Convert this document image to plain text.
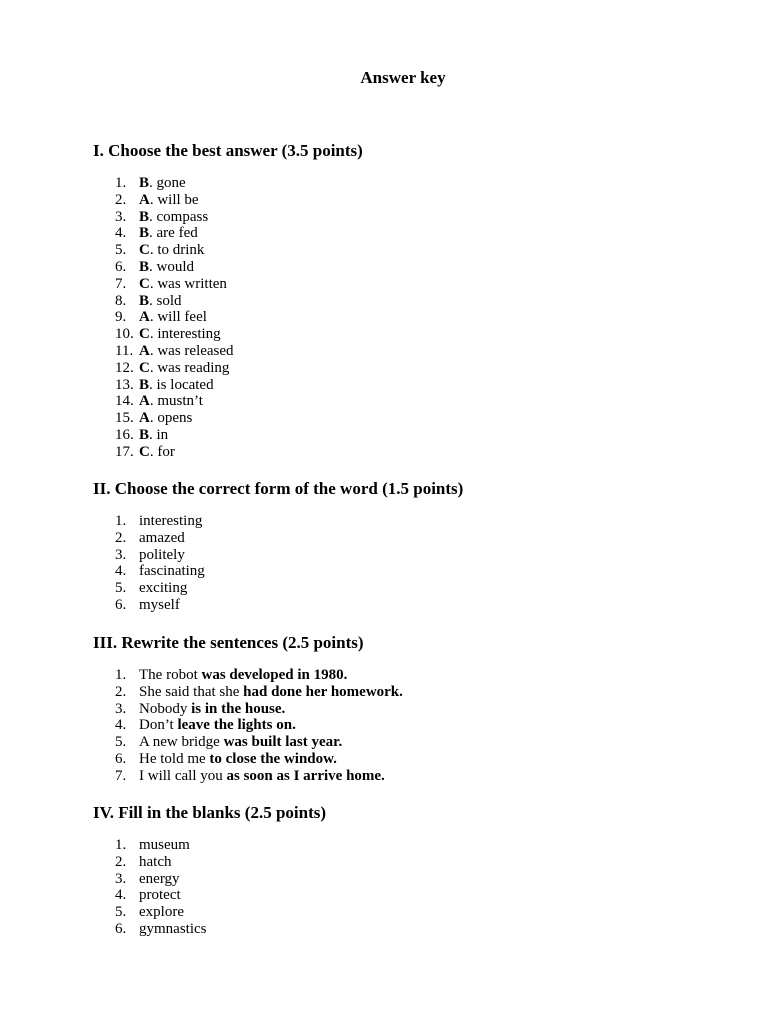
Answer key
I. Choose the best answer (3.5 points)
1. B. gone
2. A. will be
3. B. compass
4. B. are fed
5. C. to drink
6. B. would
7. C. was written
8. B. sold
9. A. will feel
10. C. interesting
11. A. was released
12. C. was reading
13. B. is located
14. A. mustn’t
15. A. opens
16. B. in
17. C. for
II. Choose the correct form of the word (1.5 points)
1. interesting
2. amazed
3. politely
4. fascinating
5. exciting
6. myself
III. Rewrite the sentences (2.5 points)
1. The robot was developed in 1980.
2. She said that she had done her homework.
3. Nobody is in the house.
4. Don’t leave the lights on.
5. A new bridge was built last year.
6. He told me to close the window.
7. I will call you as soon as I arrive home.
IV. Fill in the blanks (2.5 points)
1. museum
2. hatch
3. energy
4. protect
5. explore
6. gymnastics
